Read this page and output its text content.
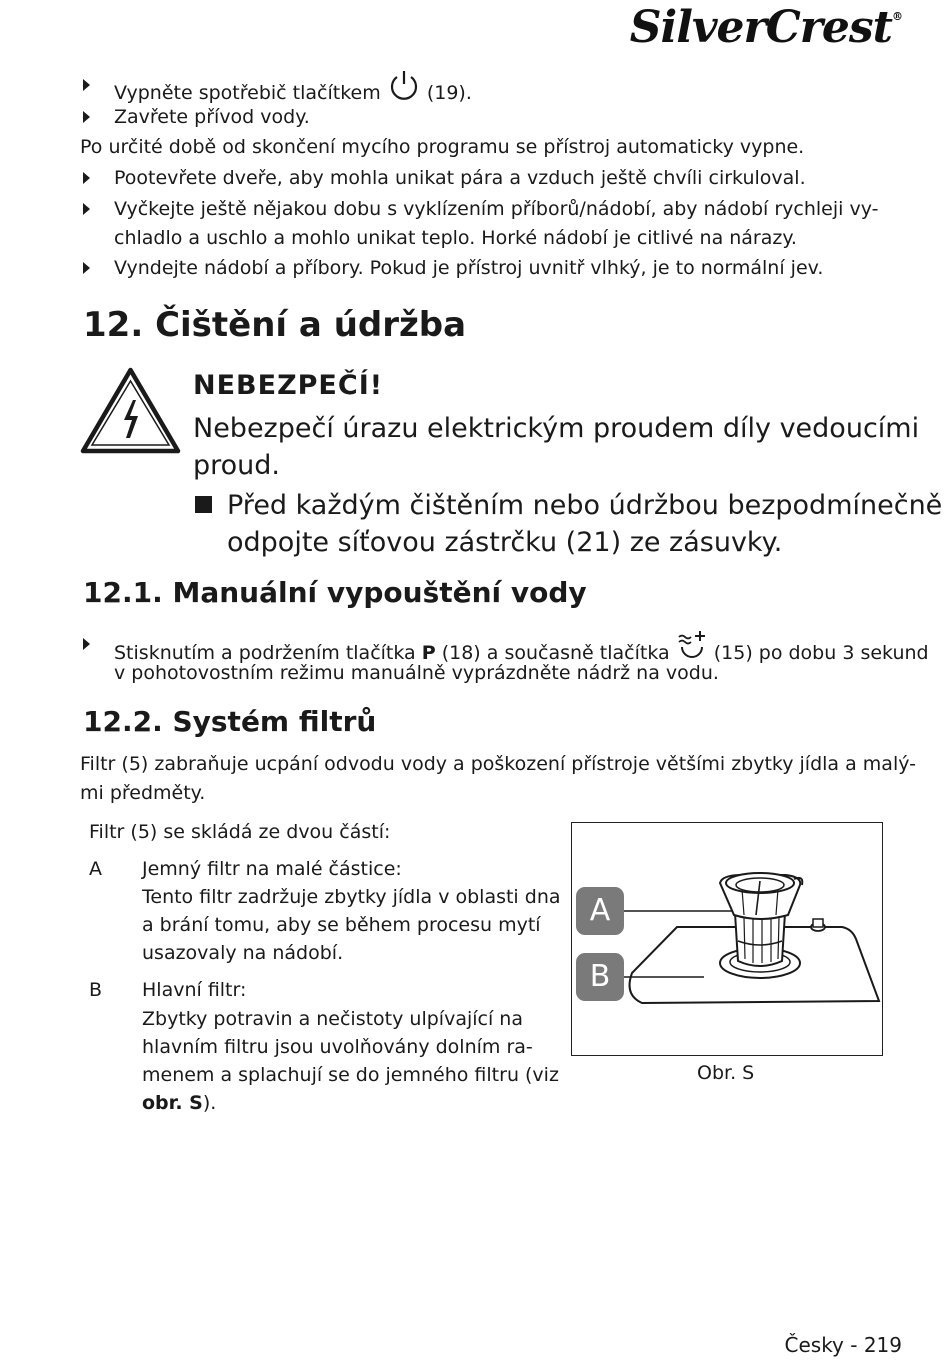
SilverCrest®
Vypněte spotřebič tlačítkem (19).
Zavřete přívod vody.
Po určité době od skončení mycího programu se přístroj automaticky vypne.
Pootevřete dveře, aby mohla unikat pára a vzduch ještě chvíli cirkuloval.
Vyčkejte ještě nějakou dobu s vyklízením příborů/nádobí, aby nádobí rychleji vy-
chladlo a uschlo a mohlo unikat teplo. Horké nádobí je citlivé na nárazy.
Vyndejte nádobí a příbory. Pokud je přístroj uvnitř vlhký, je to normální jev.
12. Čištění a údržba
NEBEZPEČÍ!
Nebezpečí úrazu elektrickým proudem díly vedoucími
proud.
Před každým čištěním nebo údržbou bezpodmínečně
odpojte síťovou zástrčku (21) ze zásuvky.
12.1. Manuální vypouštění vody
Stisknutím a podržením tlačítka P (18) a současně tlačítka (15) po dobu 3 sekund
v pohotovostním režimu manuálně vyprázdněte nádrž na vodu.
12.2. Systém filtrů
Filtr (5) zabraňuje ucpání odvodu vody a poškození přístroje většími zbytky jídla a malý-
mi předměty.
Filtr (5) se skládá ze dvou částí:
A Jemný filtr na malé částice:
Tento filtr zadržuje zbytky jídla v oblasti dna
a brání tomu, aby se během procesu mytí
usazovaly na nádobí.
B Hlavní filtr:
Zbytky potravin a nečistoty ulpívající na
hlavním filtru jsou uvolňovány dolním ra-
menem a splachují se do jemného filtru (viz
obr. S).
A
B
Obr. S
Česky - 219
